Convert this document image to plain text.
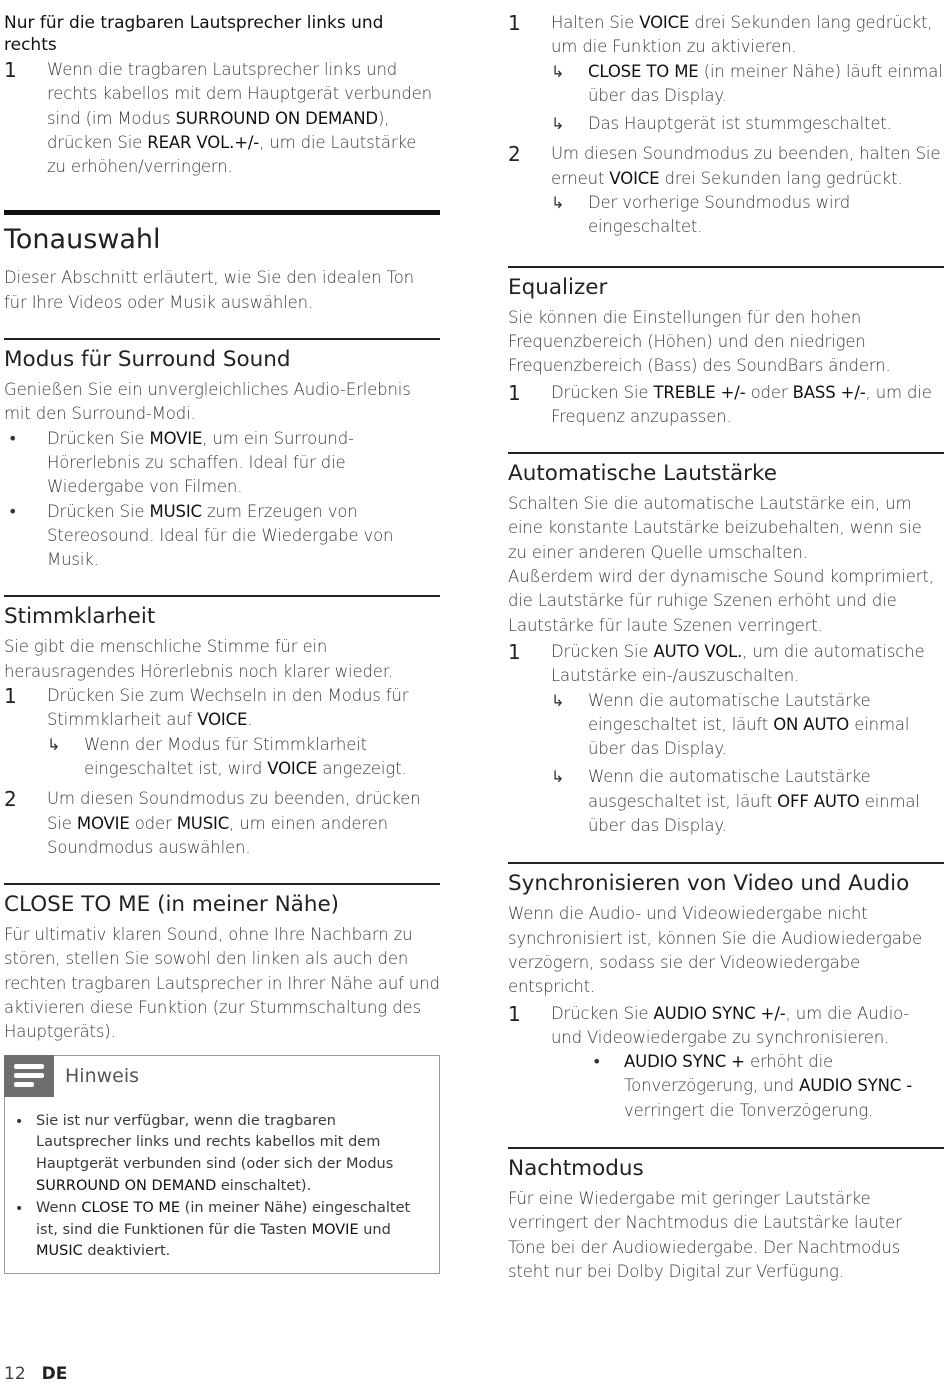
Nur für die tragbaren Lautsprecher links und rechts
1	Wenn die tragbaren Lautsprecher links und rechts kabellos mit dem Hauptgerät verbunden sind (im Modus SURROUND ON DEMAND), drücken Sie REAR VOL.+/-, um die Lautstärke zu erhöhen/verringern.
Tonauswahl
Dieser Abschnitt erläutert, wie Sie den idealen Ton für Ihre Videos oder Musik auswählen.
Modus für Surround Sound
Genießen Sie ein unvergleichliches Audio-Erlebnis mit den Surround-Modi.
•	Drücken Sie MOVIE, um ein Surround-Hörerlebnis zu schaffen. Ideal für die Wiedergabe von Filmen.
•	Drücken Sie MUSIC zum Erzeugen von Stereosound. Ideal für die Wiedergabe von Musik.
Stimmklarheit
Sie gibt die menschliche Stimme für ein herausragendes Hörerlebnis noch klarer wieder.
1	Drücken Sie zum Wechseln in den Modus für Stimmklarheit auf VOICE.
↳	Wenn der Modus für Stimmklarheit eingeschaltet ist, wird VOICE angezeigt.
2	Um diesen Soundmodus zu beenden, drücken Sie MOVIE oder MUSIC, um einen anderen Soundmodus auswählen.
CLOSE TO ME (in meiner Nähe)
Für ultimativ klaren Sound, ohne Ihre Nachbarn zu stören, stellen Sie sowohl den linken als auch den rechten tragbaren Lautsprecher in Ihrer Nähe auf und aktivieren diese Funktion (zur Stummschaltung des Hauptgeräts).
Hinweis
• Sie ist nur verfügbar, wenn die tragbaren Lautsprecher links und rechts kabellos mit dem Hauptgerät verbunden sind (oder sich der Modus SURROUND ON DEMAND einschaltet).
• Wenn CLOSE TO ME (in meiner Nähe) eingeschaltet ist, sind die Funktionen für die Tasten MOVIE und MUSIC deaktiviert.
1	Halten Sie VOICE drei Sekunden lang gedrückt, um die Funktion zu aktivieren.
↳	CLOSE TO ME (in meiner Nähe) läuft einmal über das Display.
↳	Das Hauptgerät ist stummgeschaltet.
2	Um diesen Soundmodus zu beenden, halten Sie erneut VOICE drei Sekunden lang gedrückt.
↳	Der vorherige Soundmodus wird eingeschaltet.
Equalizer
Sie können die Einstellungen für den hohen Frequenzbereich (Höhen) und den niedrigen Frequenzbereich (Bass) des SoundBars ändern.
1	Drücken Sie TREBLE +/- oder BASS +/-, um die Frequenz anzupassen.
Automatische Lautstärke
Schalten Sie die automatische Lautstärke ein, um eine konstante Lautstärke beizubehalten, wenn sie zu einer anderen Quelle umschalten.
Außerdem wird der dynamische Sound komprimiert, die Lautstärke für ruhige Szenen erhöht und die Lautstärke für laute Szenen verringert.
1	Drücken Sie AUTO VOL., um die automatische Lautstärke ein-/auszuschalten.
↳	Wenn die automatische Lautstärke eingeschaltet ist, läuft ON AUTO einmal über das Display.
↳	Wenn die automatische Lautstärke ausgeschaltet ist, läuft OFF AUTO einmal über das Display.
Synchronisieren von Video und Audio
Wenn die Audio- und Videowiedergabe nicht synchronisiert ist, können Sie die Audiowiedergabe verzögern, sodass sie der Videowiedergabe entspricht.
1	Drücken Sie AUDIO SYNC +/-, um die Audio- und Videowiedergabe zu synchronisieren.
•	AUDIO SYNC + erhöht die Tonverzögerung, und AUDIO SYNC - verringert die Tonverzögerung.
Nachtmodus
Für eine Wiedergabe mit geringer Lautstärke verringert der Nachtmodus die Lautstärke lauter Töne bei der Audiowiedergabe. Der Nachtmodus steht nur bei Dolby Digital zur Verfügung.
12 DE
